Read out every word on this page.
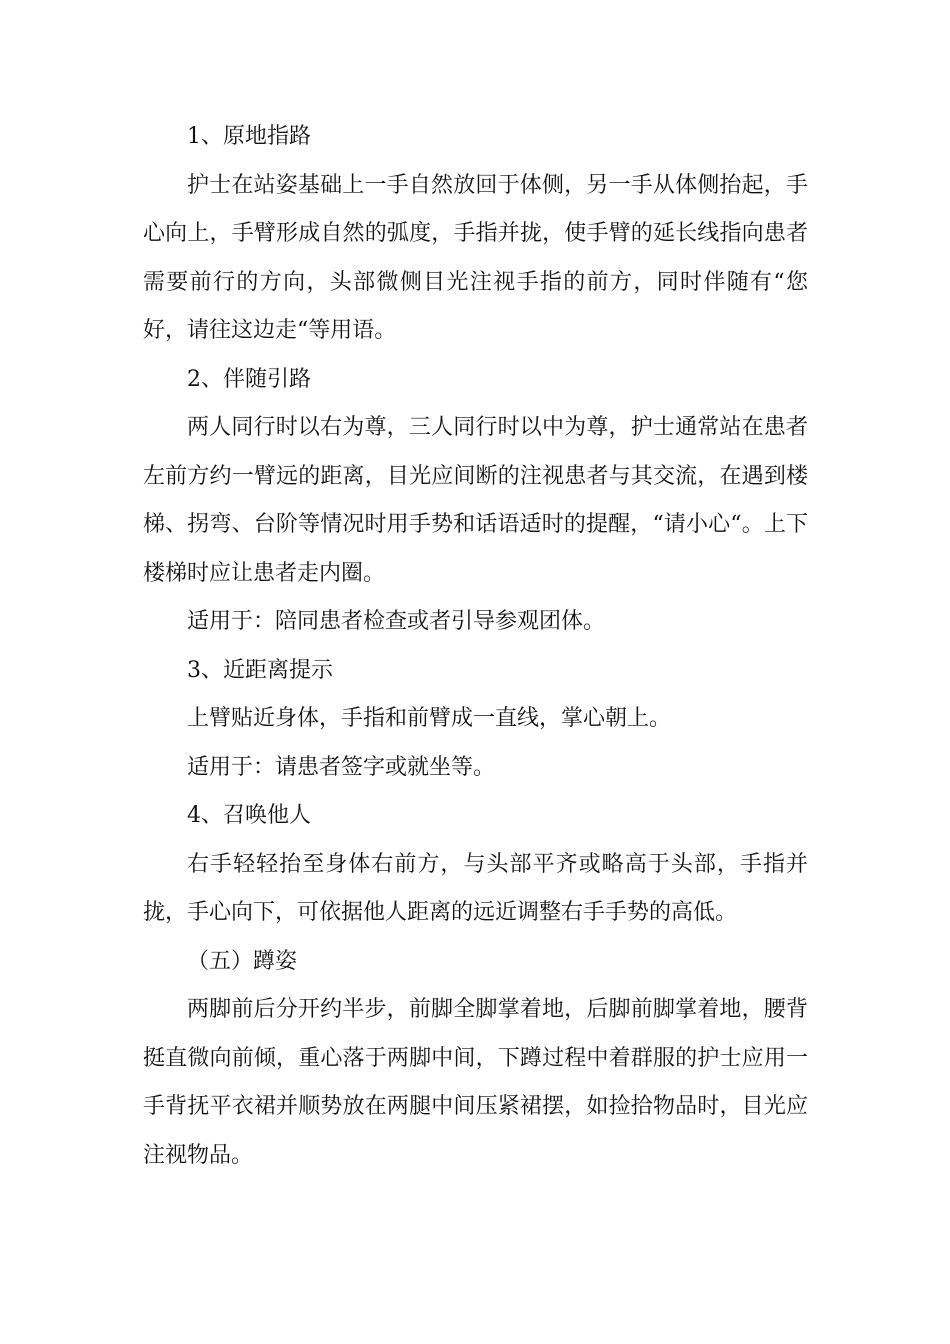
1、原地指路

护士在站姿基础上一手自然放回于体侧，另一手从体侧抬起，手心向上，手臂形成自然的弧度，手指并拢，使手臂的延长线指向患者需要前行的方向，头部微侧目光注视手指的前方，同时伴随有“您好，请往这边走“等用语。

2、伴随引路

两人同行时以右为尊，三人同行时以中为尊，护士通常站在患者左前方约一臂远的距离，目光应间断的注视患者与其交流，在遇到楼梯、拐弯、台阶等情况时用手势和话语适时的提醒，“请小心“。上下楼梯时应让患者走内圈。

适用于：陪同患者检查或者引导参观团体。

3、近距离提示

上臂贴近身体，手指和前臂成一直线，掌心朝上。

适用于：请患者签字或就坐等。

4、召唤他人

右手轻轻抬至身体右前方，与头部平齐或略高于头部，手指并拢，手心向下，可依据他人距离的远近调整右手手势的高低。

（五）蹲姿

两脚前后分开约半步，前脚全脚掌着地，后脚前脚掌着地，腰背挺直微向前倾，重心落于两脚中间，下蹲过程中着群服的护士应用一手背抚平衣裙并顺势放在两腿中间压紧裙摆，如捡拾物品时，目光应注视物品。
